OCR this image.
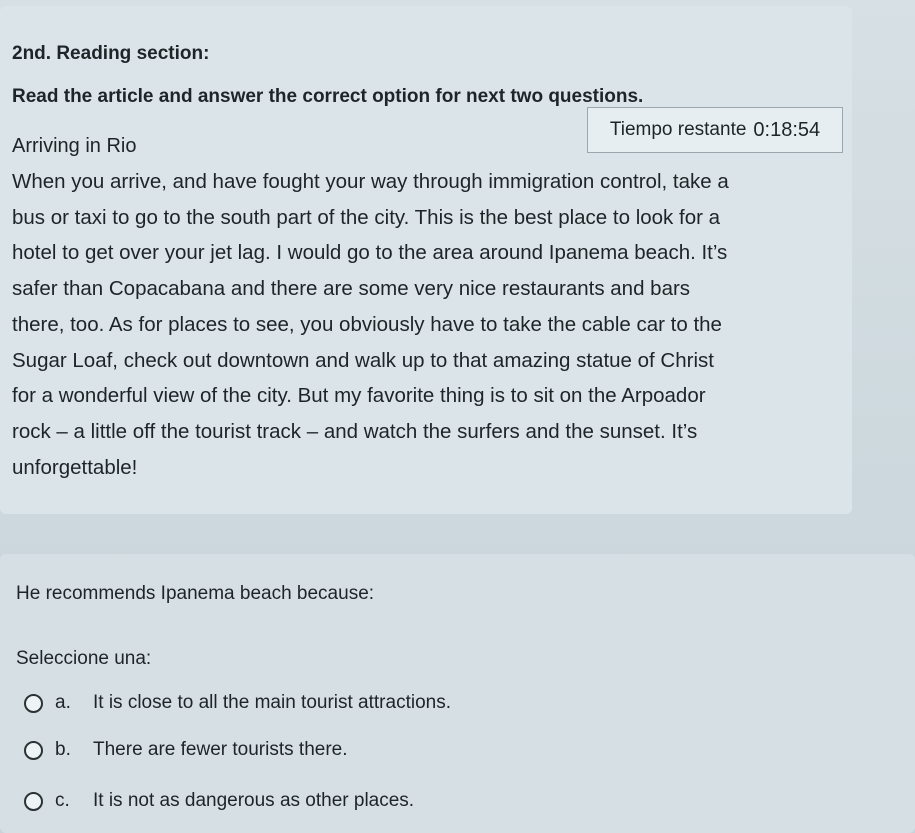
2nd. Reading section:
Read the article and answer the correct option for next two questions.
Arriving in Rio
Tiempo restante 0:18:54
When you arrive, and have fought your way through immigration control, take a
bus or taxi to go to the south part of the city. This is the best place to look for a
hotel to get over your jet lag. I would go to the area around Ipanema beach. It’s
safer than Copacabana and there are some very nice restaurants and bars
there, too. As for places to see, you obviously have to take the cable car to the
Sugar Loaf, check out downtown and walk up to that amazing statue of Christ
for a wonderful view of the city. But my favorite thing is to sit on the Arpoador
rock – a little off the tourist track – and watch the surfers and the sunset. It’s
unforgettable!
He recommends Ipanema beach because:
Seleccione una:
a.	It is close to all the main tourist attractions.
b.	There are fewer tourists there.
c.	It is not as dangerous as other places.
